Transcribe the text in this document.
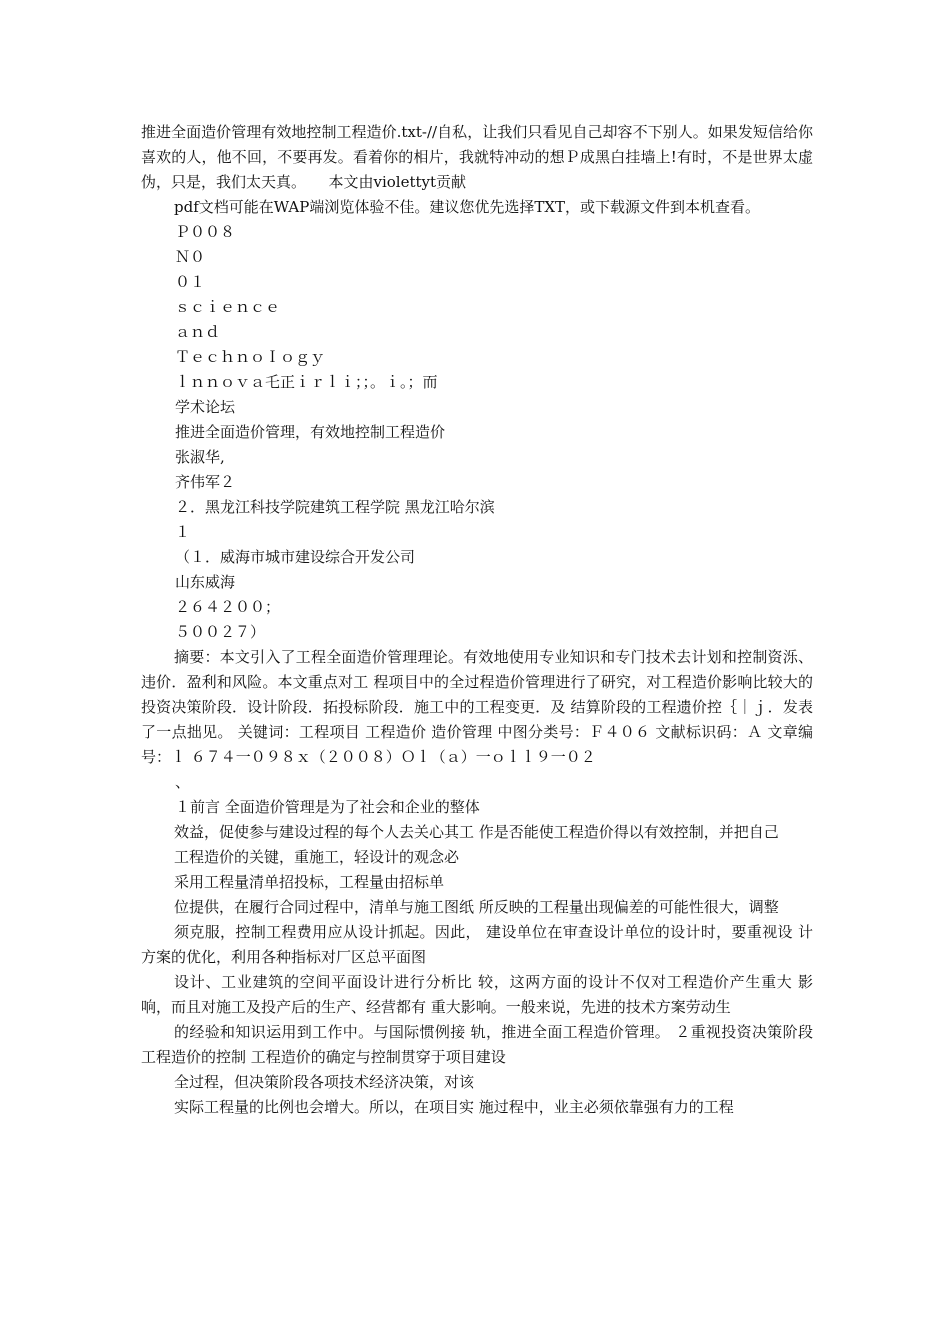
推进全面造价管理有效地控制工程造价.txt-//自私，让我们只看见自己却容不下别人。如果发短信给你喜欢的人，他不回，不要再发。看着你的相片，我就特冲动的想Ｐ成黑白挂墙上!有时，不是世界太虚伪，只是，我们太天真。　　本文由violettyt贡献

pdf文档可能在WAP端浏览体验不佳。建议您优先选择TXT，或下载源文件到本机查看。

Ｐ００８

Ｎ０

０１

ｓｃｉｅｎｃｅ

ａｎｄ

ＴｅｃｈｎｏＩｏｇｙ

ｌｎｎｏｖａ乇正ｉｒｌｉ；；。ｉ。；而

学术论坛

推进全面造价管理，有效地控制工程造价

张淑华,

齐伟军２

２．黑龙江科技学院建筑工程学院 黑龙江哈尔滨

１

（１．威海市城市建设综合开发公司

山东威海

２６４２００；

５００２７）

摘要：本文引入了工程全面造价管理理论。有效地使用专业知识和专门技术去计划和控制资泺、违价．盈利和风险。本文重点对工 程项目中的全过程造价管理进行了研究，对工程造价影响比较大的投资决策阶段．设计阶段．拓投标阶段．施工中的工程变更．及 结算阶段的工程遗价控｛｜ｊ．发表了一点拙见。 关键词：工程项目 工程造价 造价管理 中图分类号：Ｆ４０６ 文献标识码：Ａ 文章编号：ｌ ６７４一０９８ｘ（２００８）Ｏｌ（ａ）一ｏｌｌ９一０２

、

１前言 全面造价管理是为了社会和企业的整体

效益，促使参与建设过程的每个人去关心其工 作是否能使工程造价得以有效控制，并把自己

工程造价的关键，重施工，轻设计的观念必

采用工程量清单招投标，工程量由招标单

位提供，在履行合同过程中，清单与施工图纸 所反映的工程量出现偏差的可能性很大，调整

须克服，控制工程费用应从设计抓起。因此， 建设单位在审查设计单位的设计时，要重视设 计方案的优化，利用各种指标对厂区总平面图

设计、工业建筑的空间平面设计进行分析比 较，这两方面的设计不仅对工程造价产生重大 影响，而且对施工及投产后的生产、经营都有 重大影响。一般来说，先进的技术方案劳动生

的经验和知识运用到工作中。与国际惯例接 轨，推进全面工程造价管理。 ２重视投资决策阶段工程造价的控制 工程造价的确定与控制贯穿于项目建设

全过程，但决策阶段各项技术经济决策，对该

实际工程量的比例也会增大。所以，在项目实 施过程中，业主必须依靠强有力的工程
